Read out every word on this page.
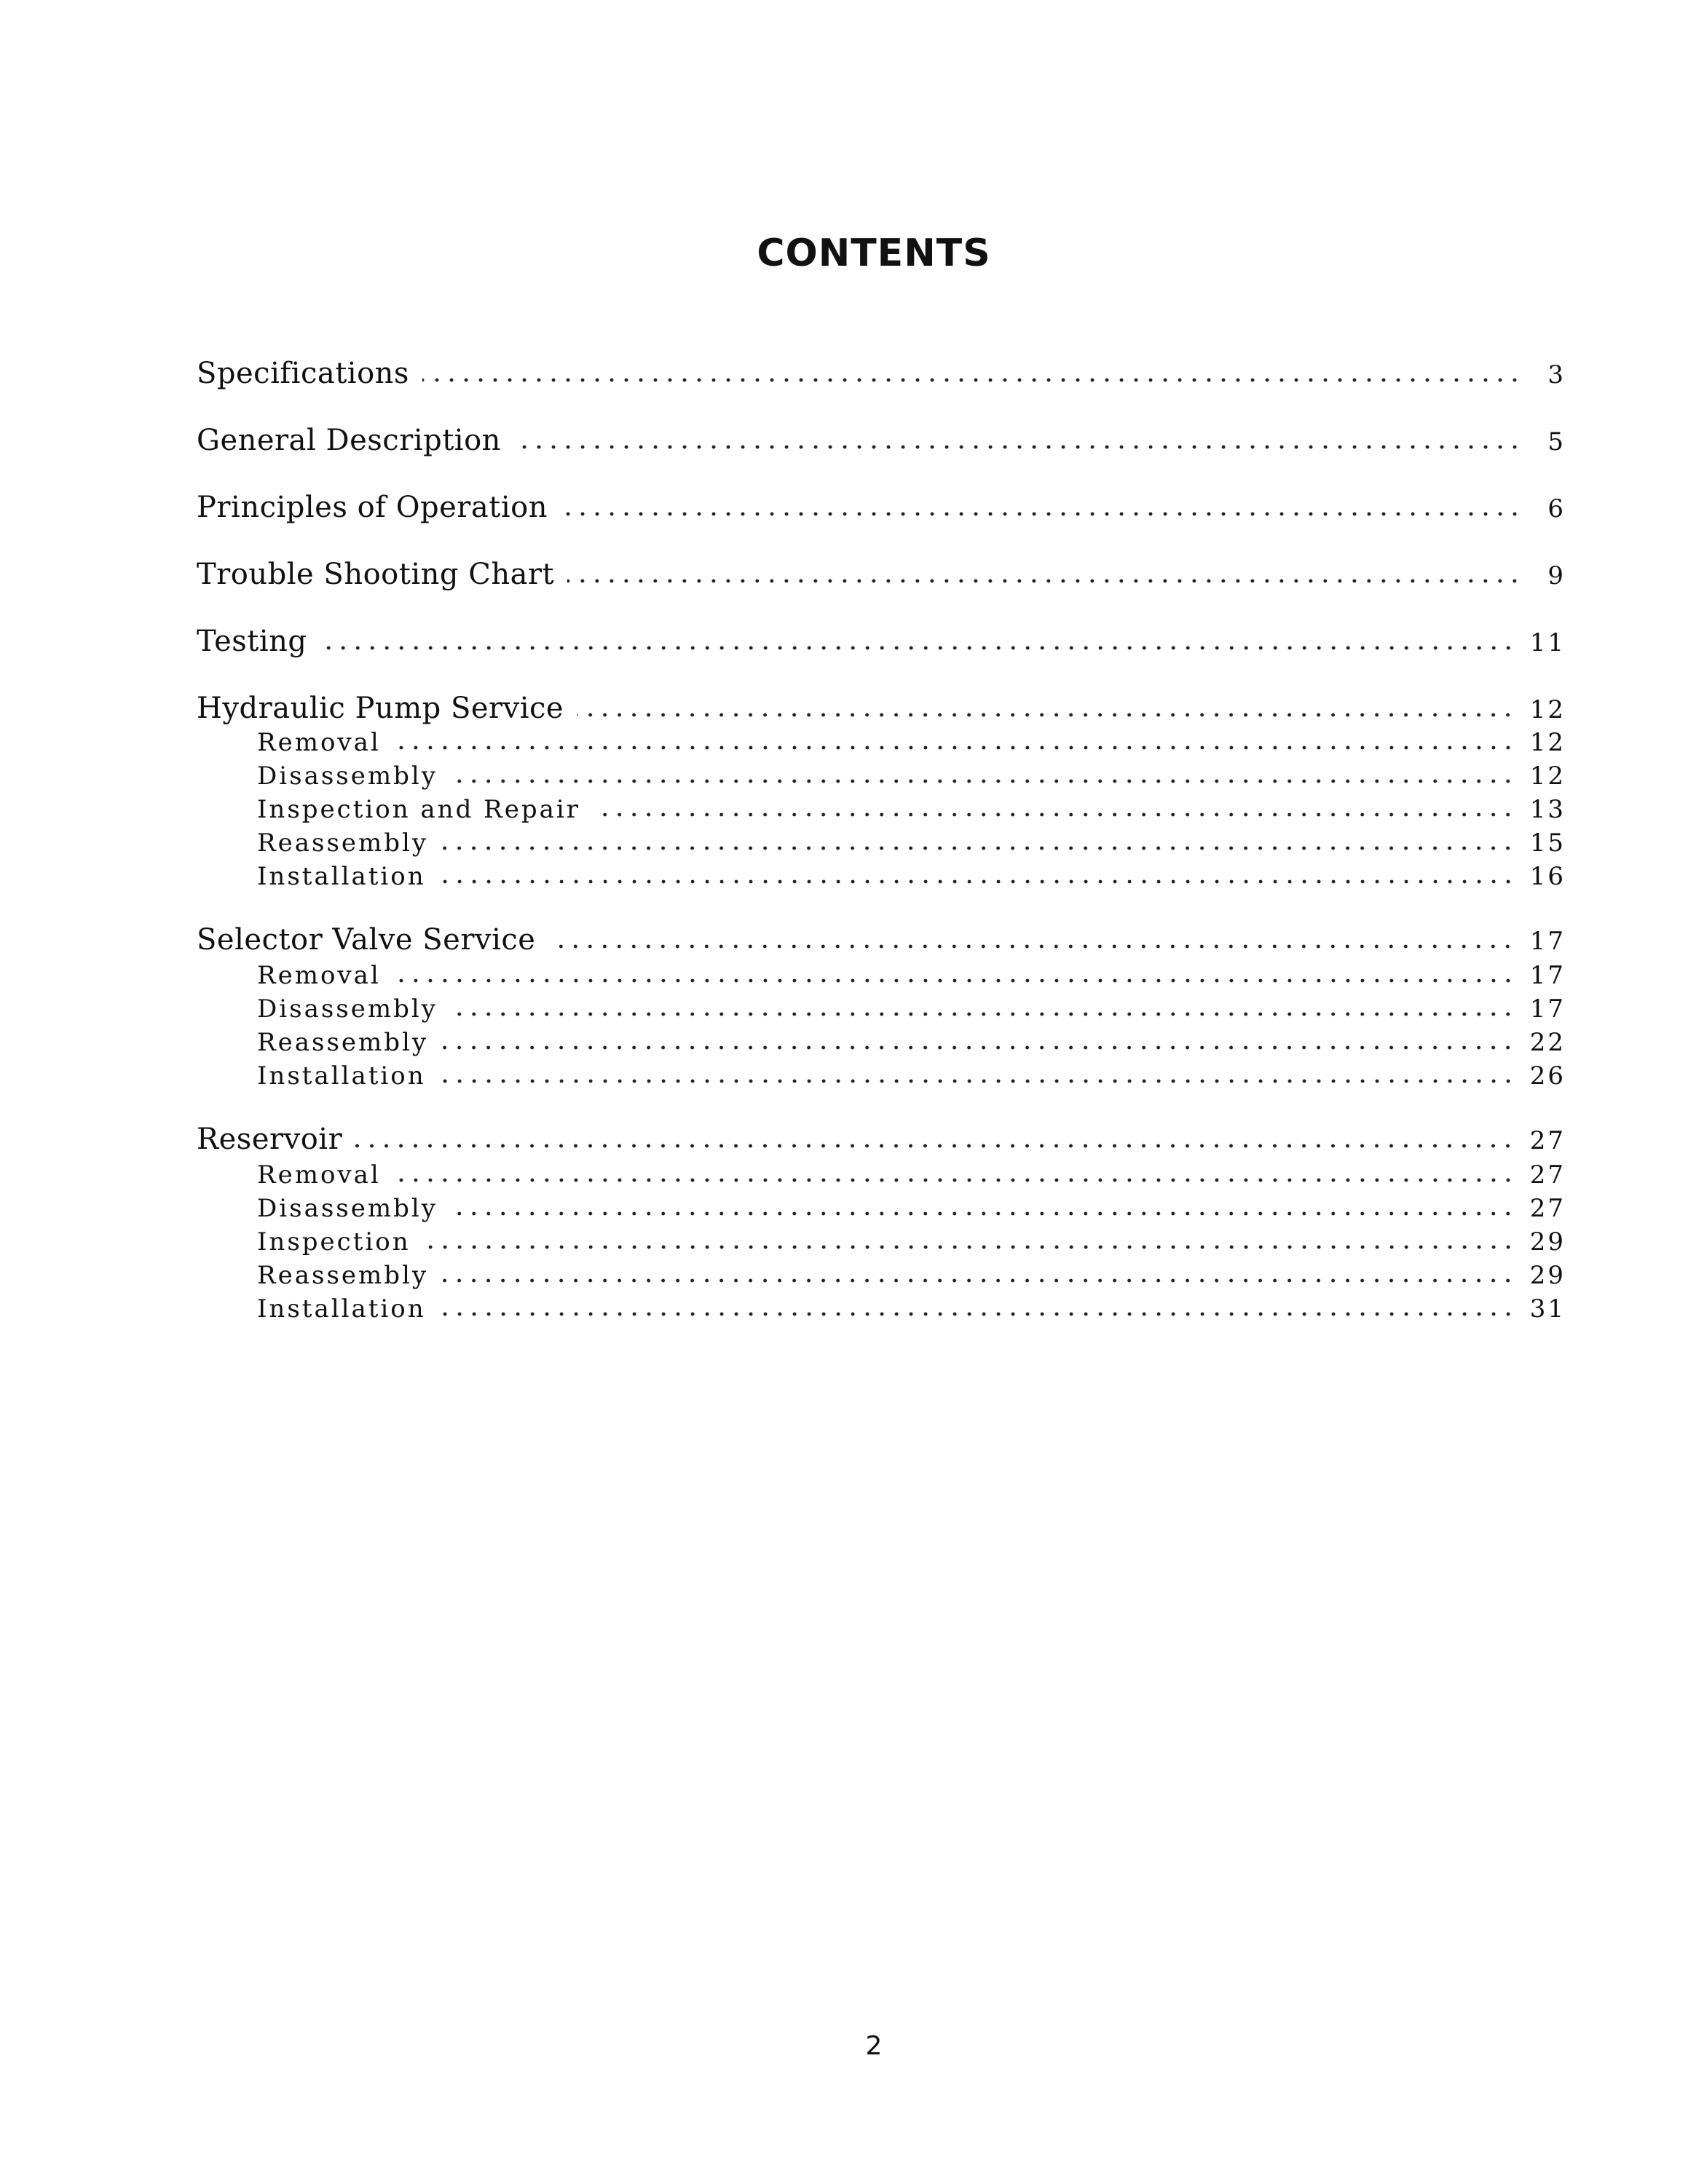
CONTENTS
Specifications	3
General Description	5
Principles of Operation	6
Trouble Shooting Chart	9
Testing	11
Hydraulic Pump Service	12
Removal	12
Disassembly	12
Inspection and Repair	13
Reassembly	15
Installation	16
Selector Valve Service	17
Removal	17
Disassembly	17
Reassembly	22
Installation	26
Reservoir	27
Removal	27
Disassembly	27
Inspection	29
Reassembly	29
Installation	31
2
